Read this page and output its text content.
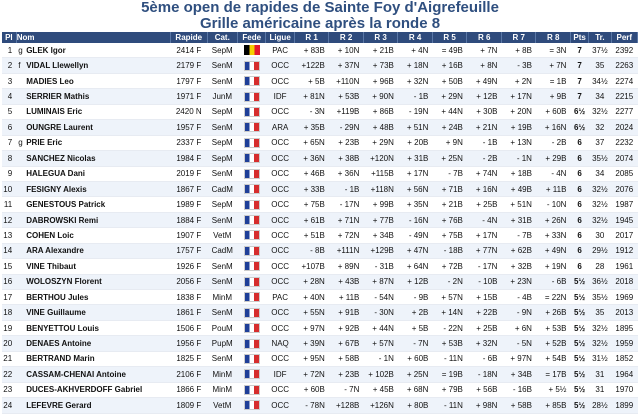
5ème open de rapides de Sainte Foy d'Aigrefeuille
Grille américaine après la ronde 8
Pl	Nom	Rapide	Cat.	Fede	Ligue	R 1	R 2	R 3	R 4	R 5	R 6	R 7	R 8	Pts	Tr.	Perf
1	g GLEK Igor	2414 F	SepM		PAC	+ 83B	+ 10N	+ 21B	+ 4N	= 49B	+ 7N	+ 8B	= 3N	7	37½	2392
2	f VIDAL Llewellyn	2179 F	SenM		OCC	+122B	+ 37N	+ 73B	+ 18N	+ 16B	+ 8N	- 3B	+ 7N	7	35	2263
3	MADIES Leo	1797 F	SenM		OCC	+ 5B	+110N	+ 96B	+ 32N	+ 50B	+ 49N	+ 2N	= 1B	7	34½	2274
4	SERRIER Mathis	1971 F	JunM		IDF	+ 81N	+ 53B	+ 90N	- 1B	+ 29N	+ 12B	+ 17N	+ 9B	7	34	2215
5	LUMINAIS Eric	2420 N	SepM		OCC	- 3N	+119B	+ 86B	- 19N	+ 44N	+ 30B	+ 20N	+ 60B	6½	32½	2277
6	OUNGRE Laurent	1957 F	SenM		ARA	+ 35B	- 29N	+ 48B	+ 51N	+ 24B	+ 21N	+ 19B	+ 16N	6½	32	2024
7	g PRIE Eric	2337 F	SepM		OCC	+ 65N	+ 23B	+ 29N	+ 20B	+ 9N	- 1B	+ 13N	- 2B	6	37	2232
8	SANCHEZ Nicolas	1984 F	SepM		OCC	+ 36N	+ 38B	+120N	+ 31B	+ 25N	- 2B	- 1N	+ 29B	6	35½	2074
9	HALEGUA Dani	2019 F	SenM		OCC	+ 46B	+ 36N	+115B	+ 17N	- 7B	+ 74N	+ 18B	- 4N	6	34	2085
10	FESIGNY Alexis	1867 F	CadM		OCC	+ 33B	- 1B	+118N	+ 56N	+ 71B	+ 16N	+ 49B	+ 11B	6	32½	2076
11	GENESTOUS Patrick	1989 F	SepM		OCC	+ 75B	- 17N	+ 99B	+ 35N	+ 21B	+ 25B	+ 51N	- 10N	6	32½	1987
12	DABROWSKI Remi	1884 F	SenM		OCC	+ 61B	+ 71N	+ 77B	- 16N	+ 76B	- 4N	+ 31B	+ 26N	6	32½	1945
13	COHEN Loic	1907 F	VetM		OCC	+ 51B	+ 72N	+ 34B	- 49N	+ 75B	+ 17N	- 7B	+ 33N	6	30	2017
14	ARA Alexandre	1757 F	CadM		OCC	- 8B	+111N	+129B	+ 47N	- 18B	+ 77N	+ 62B	+ 49N	6	29½	1912
15	VINE Thibaut	1926 F	SenM		OCC	+107B	+ 89N	- 31B	+ 64N	+ 72B	- 17N	+ 32B	+ 19N	6	28	1961
16	WOLOSZYN Florent	2056 F	SenM		OCC	+ 28N	+ 43B	+ 87N	+ 12B	- 2N	- 10B	+ 23N	- 6B	5½	36½	2018
17	BERTHOU Jules	1838 F	MinM		PAC	+ 40N	+ 11B	- 54N	- 9B	+ 57N	+ 15B	- 4B	= 22N	5½	35½	1969
18	VINE Guillaume	1861 F	SenM		OCC	+ 55N	+ 91B	- 30N	+ 2B	+ 14N	+ 22B	- 9N	+ 26B	5½	35	2013
19	BENYETTOU Louis	1506 F	PouM		OCC	+ 97N	+ 92B	+ 44N	+ 5B	- 22N	+ 25B	+ 6N	+ 53B	5½	32½	1895
20	DENAES Antoine	1956 F	PupM		NAQ	+ 39N	+ 67B	+ 57N	- 7N	+ 53B	+ 32N	- 5N	+ 52B	5½	32½	1959
21	BERTRAND Marin	1825 F	SenM		OCC	+ 95N	+ 58B	- 1N	+ 60B	- 11N	- 6B	+ 97N	+ 54B	5½	31½	1852
22	CASSAM-CHENAI Antoine	2106 F	MinM		IDF	+ 72N	+ 23B	+ 102B	+ 25N	= 19B	- 18N	+ 34B	= 17B	5½	31	1964
23	DUCES-AKHVERDOFF Gabriel	1866 F	MinM		OCC	+ 60B	- 7N	+ 45B	+ 68N	+ 79B	+ 56B	- 16B	+ 5½	5½	31	1970
24	LEFEVRE Gerard	1809 F	VetM		OCC	- 78N	+128B	+126N	+ 80B	- 11N	+ 98N	+ 58B	+ 85B	5½	28½	1899
